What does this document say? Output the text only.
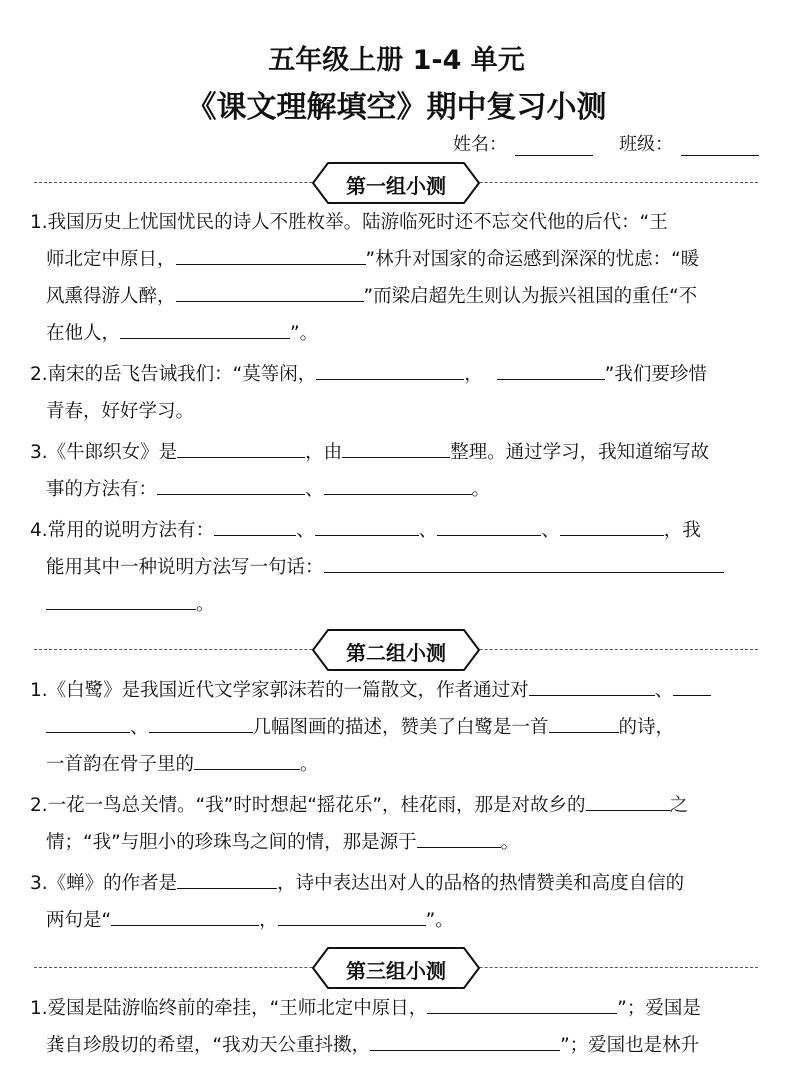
五年级上册 1-4 单元
《课文理解填空》期中复习小测
姓名：	班级：
第一组小测

1.我国历史上忧国忧民的诗人不胜枚举。陆游临死时还不忘交代他的后代：“王

师北定中原日，	”林升对国家的命运感到深深的忧虑：“暖

风熏得游人醉，	”而梁启超先生则认为振兴祖国的重任“不

在他人，	”。

2.南宋的岳飞告诫我们：“莫等闲，	，	”我们要珍惜

青春，好好学习。

3.《牛郎织女》是	，由	整理。通过学习，我知道缩写故

事的方法有：	、	。

4.常用的说明方法有：	、	、	、	，我

能用其中一种说明方法写一句话：

。

第二组小测

1.《白鹭》是我国近代文学家郭沫若的一篇散文，作者通过对	、

、	几幅图画的描述，赞美了白鹭是一首	的诗，

一首韵在骨子里的	。

2.一花一鸟总关情。“我”时时想起“摇花乐”，桂花雨，那是对故乡的	之

情；“我”与胆小的珍珠鸟之间的情，那是源于	。

3.《蝉》的作者是	，诗中表达出对人的品格的热情赞美和高度自信的

两句是“	，	”。

第三组小测

1.爱国是陆游临终前的牵挂，“王师北定中原日，	”；爱国是

龚自珍殷切的希望，“我劝天公重抖擞，	”；爱国也是林升
